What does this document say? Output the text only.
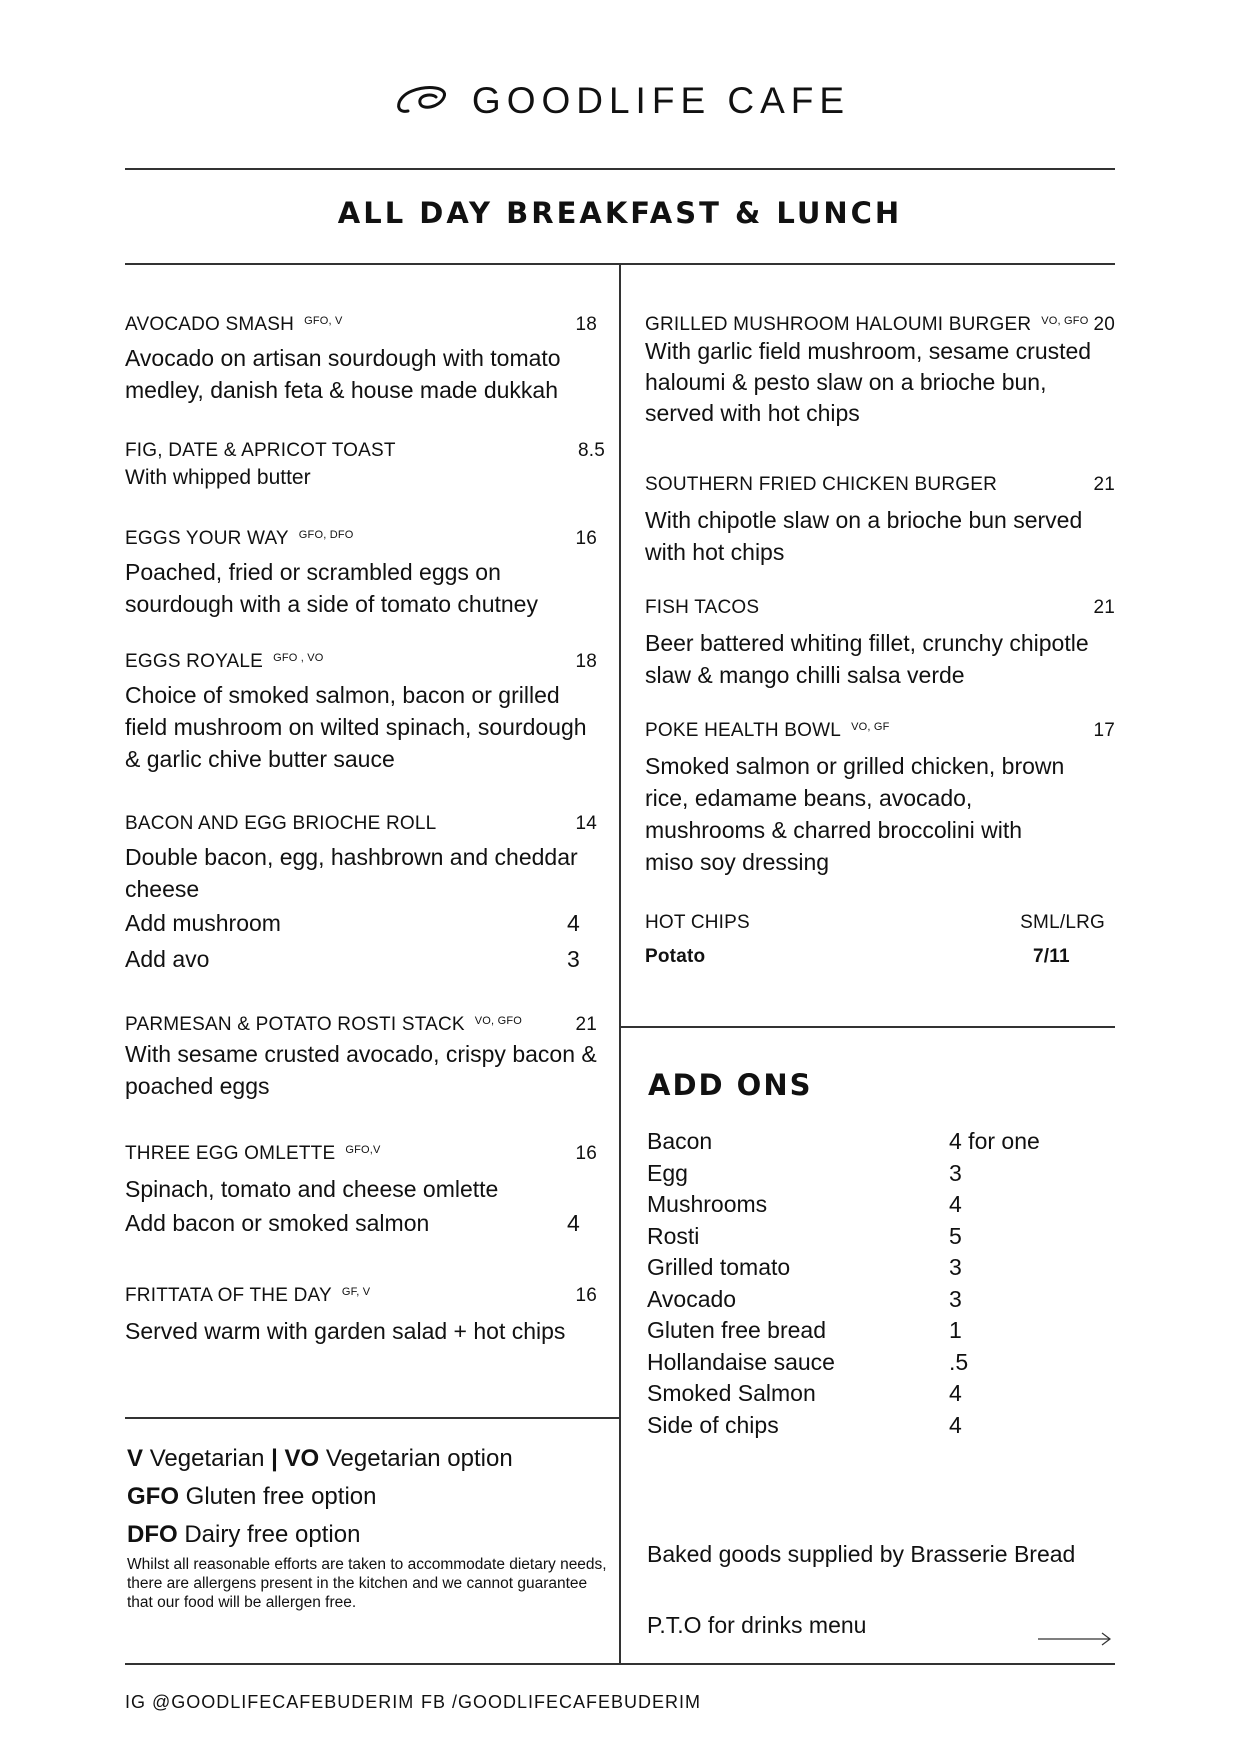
GOODLIFE CAFE
ALL DAY BREAKFAST & LUNCH
AVOCADO SMASH $^{GFO, V}$	18
Avocado on artisan sourdough with tomato medley, danish feta & house made dukkah
FIG, DATE & APRICOT TOAST	8.5
With whipped butter
EGGS YOUR WAY $^{GFO, DFO}$	16
Poached, fried or scrambled eggs on sourdough with a side of tomato chutney
EGGS ROYALE $^{GFO , VO}$	18
Choice of smoked salmon, bacon or grilled field mushroom on wilted spinach, sourdough & garlic chive butter sauce
BACON AND EGG BRIOCHE ROLL	14
Double bacon, egg, hashbrown and cheddar cheese
Add mushroom	4
Add avo	3
PARMESAN & POTATO ROSTI STACK $^{VO, GFO}$	21
With sesame crusted avocado, crispy bacon & poached eggs
THREE EGG OMLETTE $^{GFO,V}$	16
Spinach, tomato and cheese omlette
Add bacon or smoked salmon	4
FRITTATA OF THE DAY $^{GF, V}$	16
Served warm with garden salad + hot chips
GRILLED MUSHROOM HALOUMI BURGER $^{VO, GFO}$ 20
With garlic field mushroom, sesame crusted haloumi & pesto slaw on a brioche bun, served with hot chips
SOUTHERN FRIED CHICKEN BURGER	21
With chipotle slaw on a brioche bun served with hot chips
FISH TACOS	21
Beer battered whiting fillet, crunchy chipotle slaw & mango chilli salsa verde
POKE HEALTH BOWL $^{VO, GF}$	17
Smoked salmon or grilled chicken, brown rice, edamame beans, avocado, mushrooms & charred broccolini with miso soy dressing
HOT CHIPS	SML/LRG
Potato	7/11
ADD ONS
Bacon	4 for one
Egg	3
Mushrooms	4
Rosti	5
Grilled tomato	3
Avocado	3
Gluten free bread	1
Hollandaise sauce	.5
Smoked Salmon	4
Side of chips	4
V Vegetarian | VO Vegetarian option
GFO Gluten free option
DFO Dairy free option
Whilst all reasonable efforts are taken to accommodate dietary needs, there are allergens present in the kitchen and we cannot guarantee that our food will be allergen free.
Baked goods supplied by Brasserie Bread
P.T.O for drinks menu
IG @GOODLIFECAFEBUDERIM FB /GOODLIFECAFEBUDERIM
